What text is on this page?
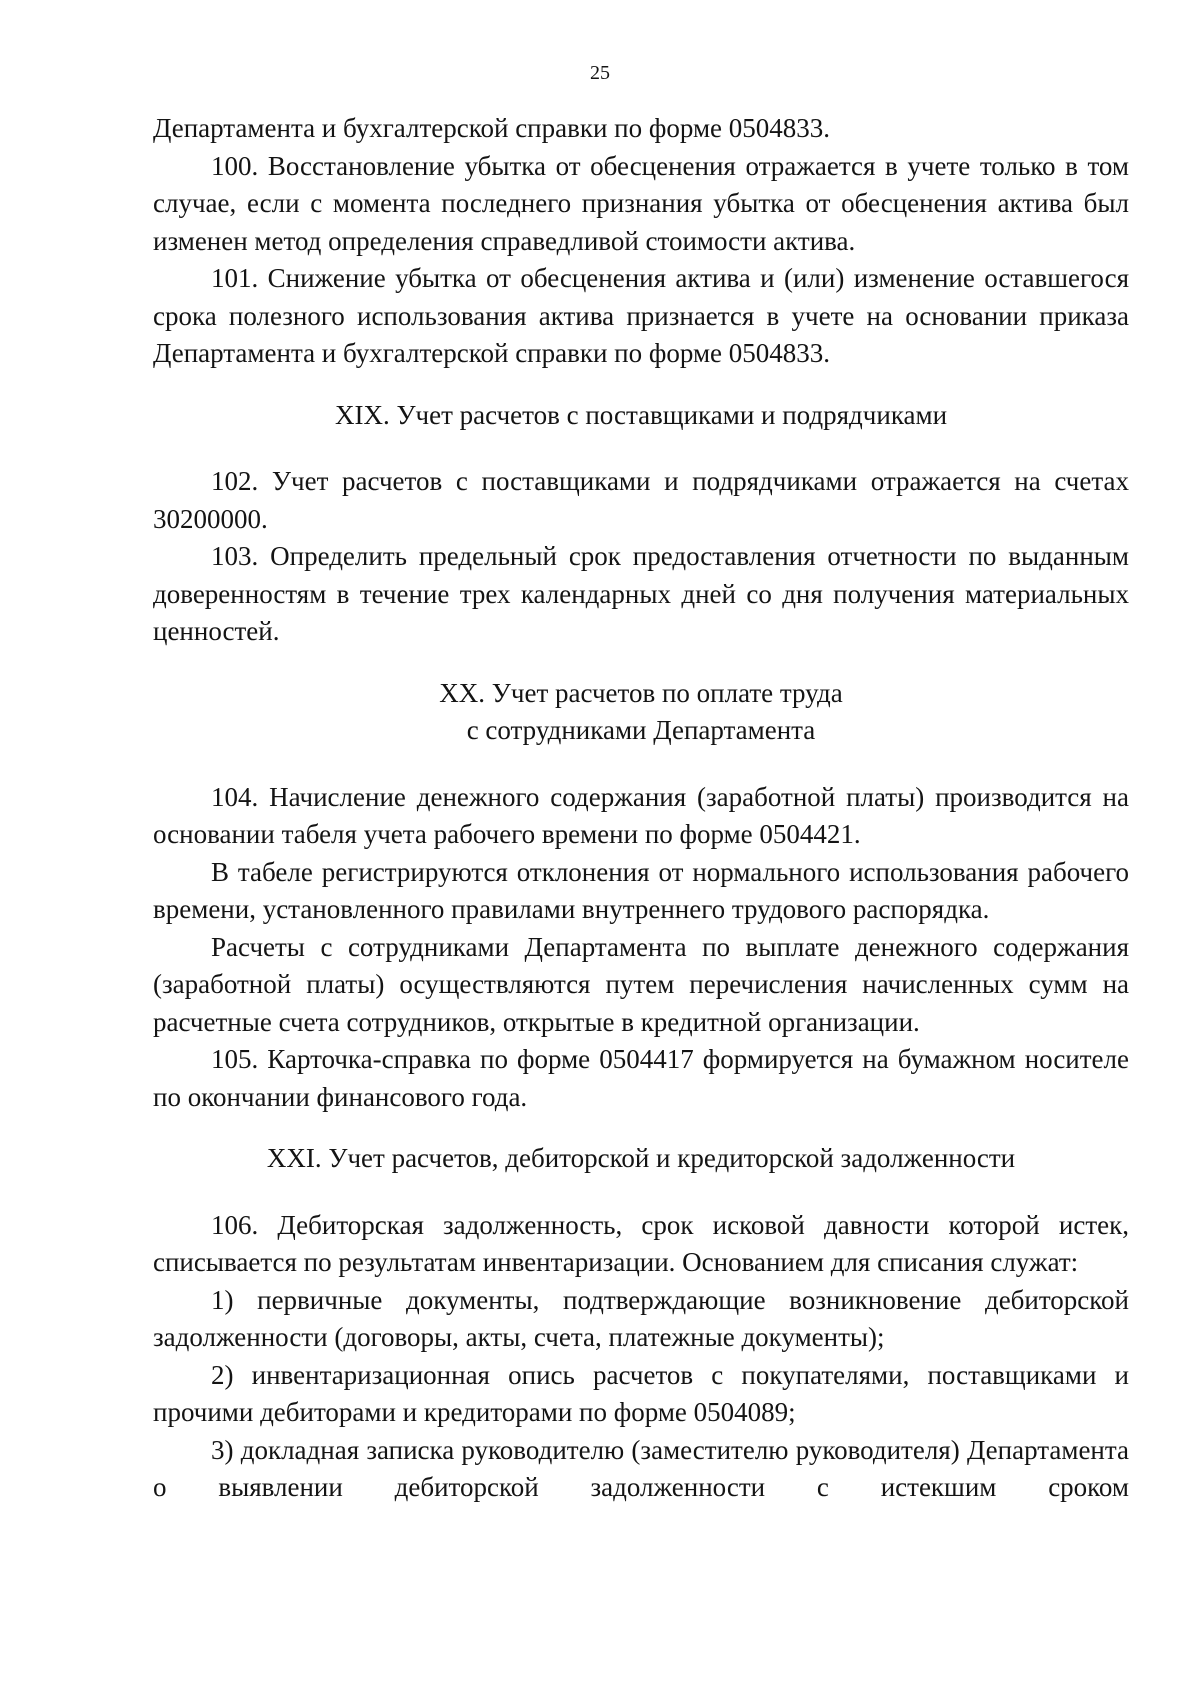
25

Департамента и бухгалтерской справки по форме 0504833.

100. Восстановление убытка от обесценения отражается в учете только в том случае, если с момента последнего признания убытка от обесценения актива был изменен метод определения справедливой стоимости актива.

101. Снижение убытка от обесценения актива и (или) изменение оставшегося срока полезного использования актива признается в учете на основании приказа Департамента и бухгалтерской справки по форме 0504833.

XIX. Учет расчетов с поставщиками и подрядчиками

102. Учет расчетов с поставщиками и подрядчиками отражается на счетах 30200000.

103. Определить предельный срок предоставления отчетности по выданным доверенностям в течение трех календарных дней со дня получения материальных ценностей.

XX. Учет расчетов по оплате труда

с сотрудниками Департамента

104. Начисление денежного содержания (заработной платы) производится на основании табеля учета рабочего времени по форме 0504421.

В табеле регистрируются отклонения от нормального использования рабочего времени, установленного правилами внутреннего трудового распорядка.

Расчеты с сотрудниками Департамента по выплате денежного содержания (заработной платы) осуществляются путем перечисления начисленных сумм на расчетные счета сотрудников, открытые в кредитной организации.

105. Карточка-справка по форме 0504417 формируется на бумажном носителе по окончании финансового года.

XXI. Учет расчетов, дебиторской и кредиторской задолженности

106. Дебиторская задолженность, срок исковой давности которой истек, списывается по результатам инвентаризации. Основанием для списания служат:

1) первичные документы, подтверждающие возникновение дебиторской задолженности (договоры, акты, счета, платежные документы);

2) инвентаризационная опись расчетов с покупателями, поставщиками и прочими дебиторами и кредиторами по форме 0504089;

3) докладная записка руководителю (заместителю руководителя) Департамента о выявлении дебиторской задолженности с истекшим сроком
